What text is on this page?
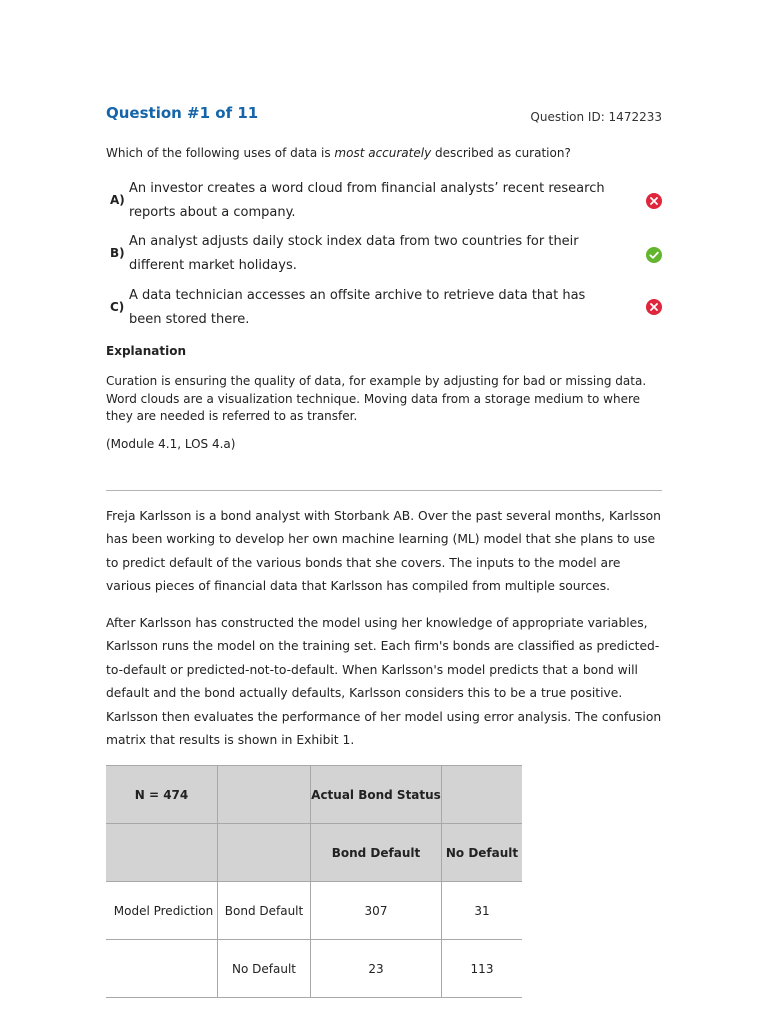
Question #1 of 11	Question ID: 1472233
Which of the following uses of data is most accurately described as curation?
A)
An investor creates a word cloud from financial analysts’ recent research reports about a company.
B)
An analyst adjusts daily stock index data from two countries for their different market holidays.
C)
A data technician accesses an offsite archive to retrieve data that has been stored there.
Explanation
Curation is ensuring the quality of data, for example by adjusting for bad or missing data. Word clouds are a visualization technique. Moving data from a storage medium to where they are needed is referred to as transfer.
(Module 4.1, LOS 4.a)
Freja Karlsson is a bond analyst with Storbank AB. Over the past several months, Karlsson has been working to develop her own machine learning (ML) model that she plans to use to predict default of the various bonds that she covers. The inputs to the model are various pieces of financial data that Karlsson has compiled from multiple sources.
After Karlsson has constructed the model using her knowledge of appropriate variables, Karlsson runs the model on the training set. Each firm's bonds are classified as predicted- to-default or predicted-not-to-default. When Karlsson's model predicts that a bond will default and the bond actually defaults, Karlsson considers this to be a true positive. Karlsson then evaluates the performance of her model using error analysis. The confusion matrix that results is shown in Exhibit 1.
N = 474		Actual Bond Status	
		Bond Default	No Default
Model Prediction	Bond Default	307	31
	No Default	23	113
